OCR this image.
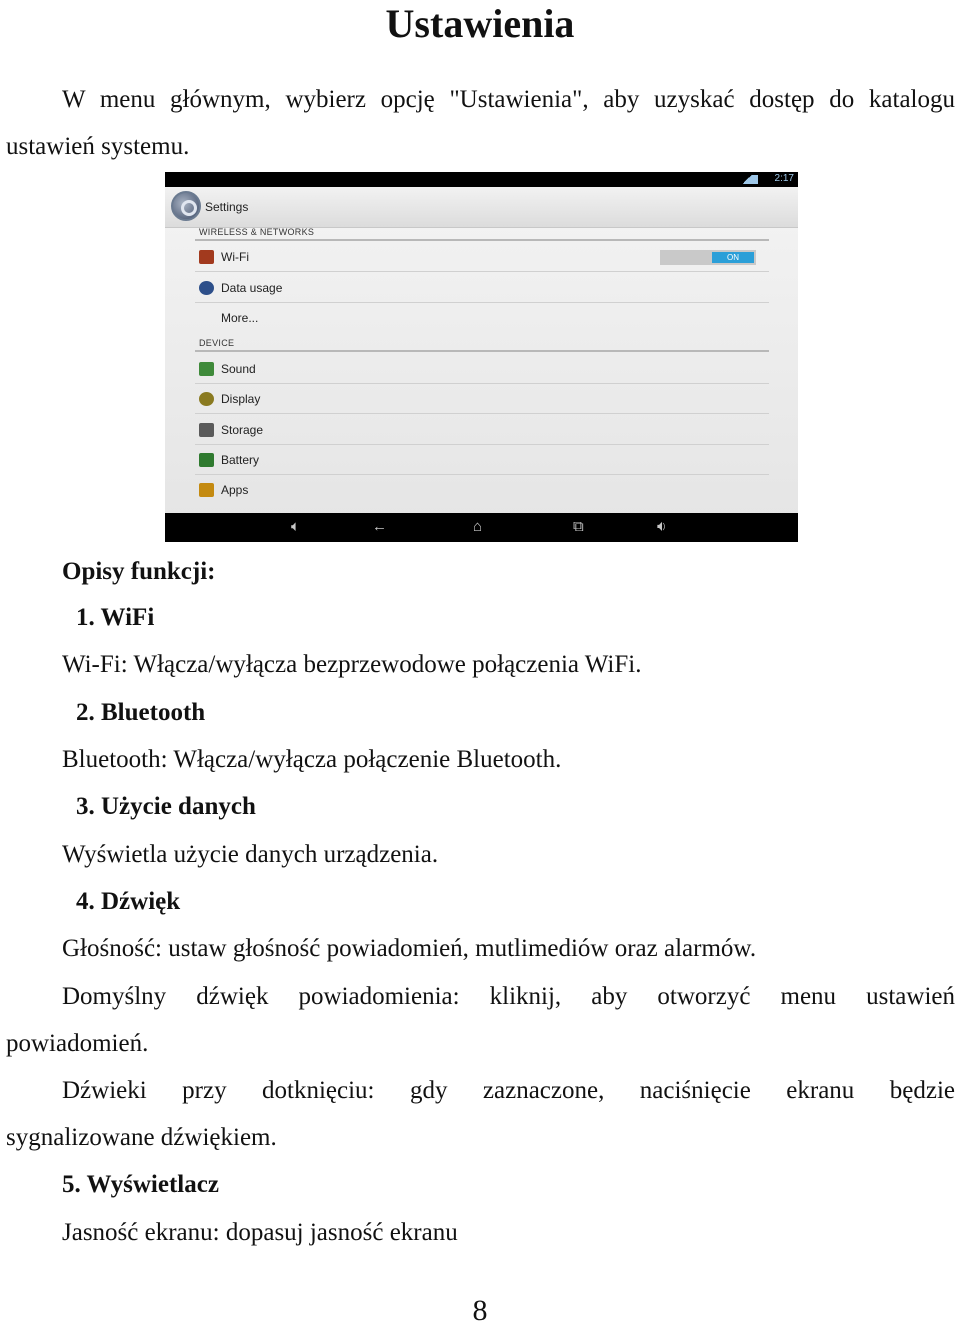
Ustawienia
W menu głównym, wybierz opcję "Ustawienia", aby uzyskać dostęp do katalogu
ustawień systemu.
2:17
Settings
WIRELESS & NETWORKS
Wi-Fi	ON
Data usage
More...
DEVICE
Sound
Display
Storage
Battery
Apps
🔈︎	←	⌂	⧉	🔉︎
Opisy funkcji:
1. WiFi
Wi-Fi: Włącza/wyłącza bezprzewodowe połączenia WiFi.
2. Bluetooth
Bluetooth: Włącza/wyłącza połączenie Bluetooth.
3. Użycie danych
Wyświetla użycie danych urządzenia.
4. Dźwięk
Głośność: ustaw głośność powiadomień, mutlimediów oraz alarmów.
Domyślny dźwięk powiadomienia: kliknij, aby otworzyć menu ustawień
powiadomień.
Dźwieki przy dotknięciu: gdy zaznaczone, naciśnięcie ekranu będzie
sygnalizowane dźwiękiem.
5. Wyświetlacz
Jasność ekranu: dopasuj jasność ekranu
8
